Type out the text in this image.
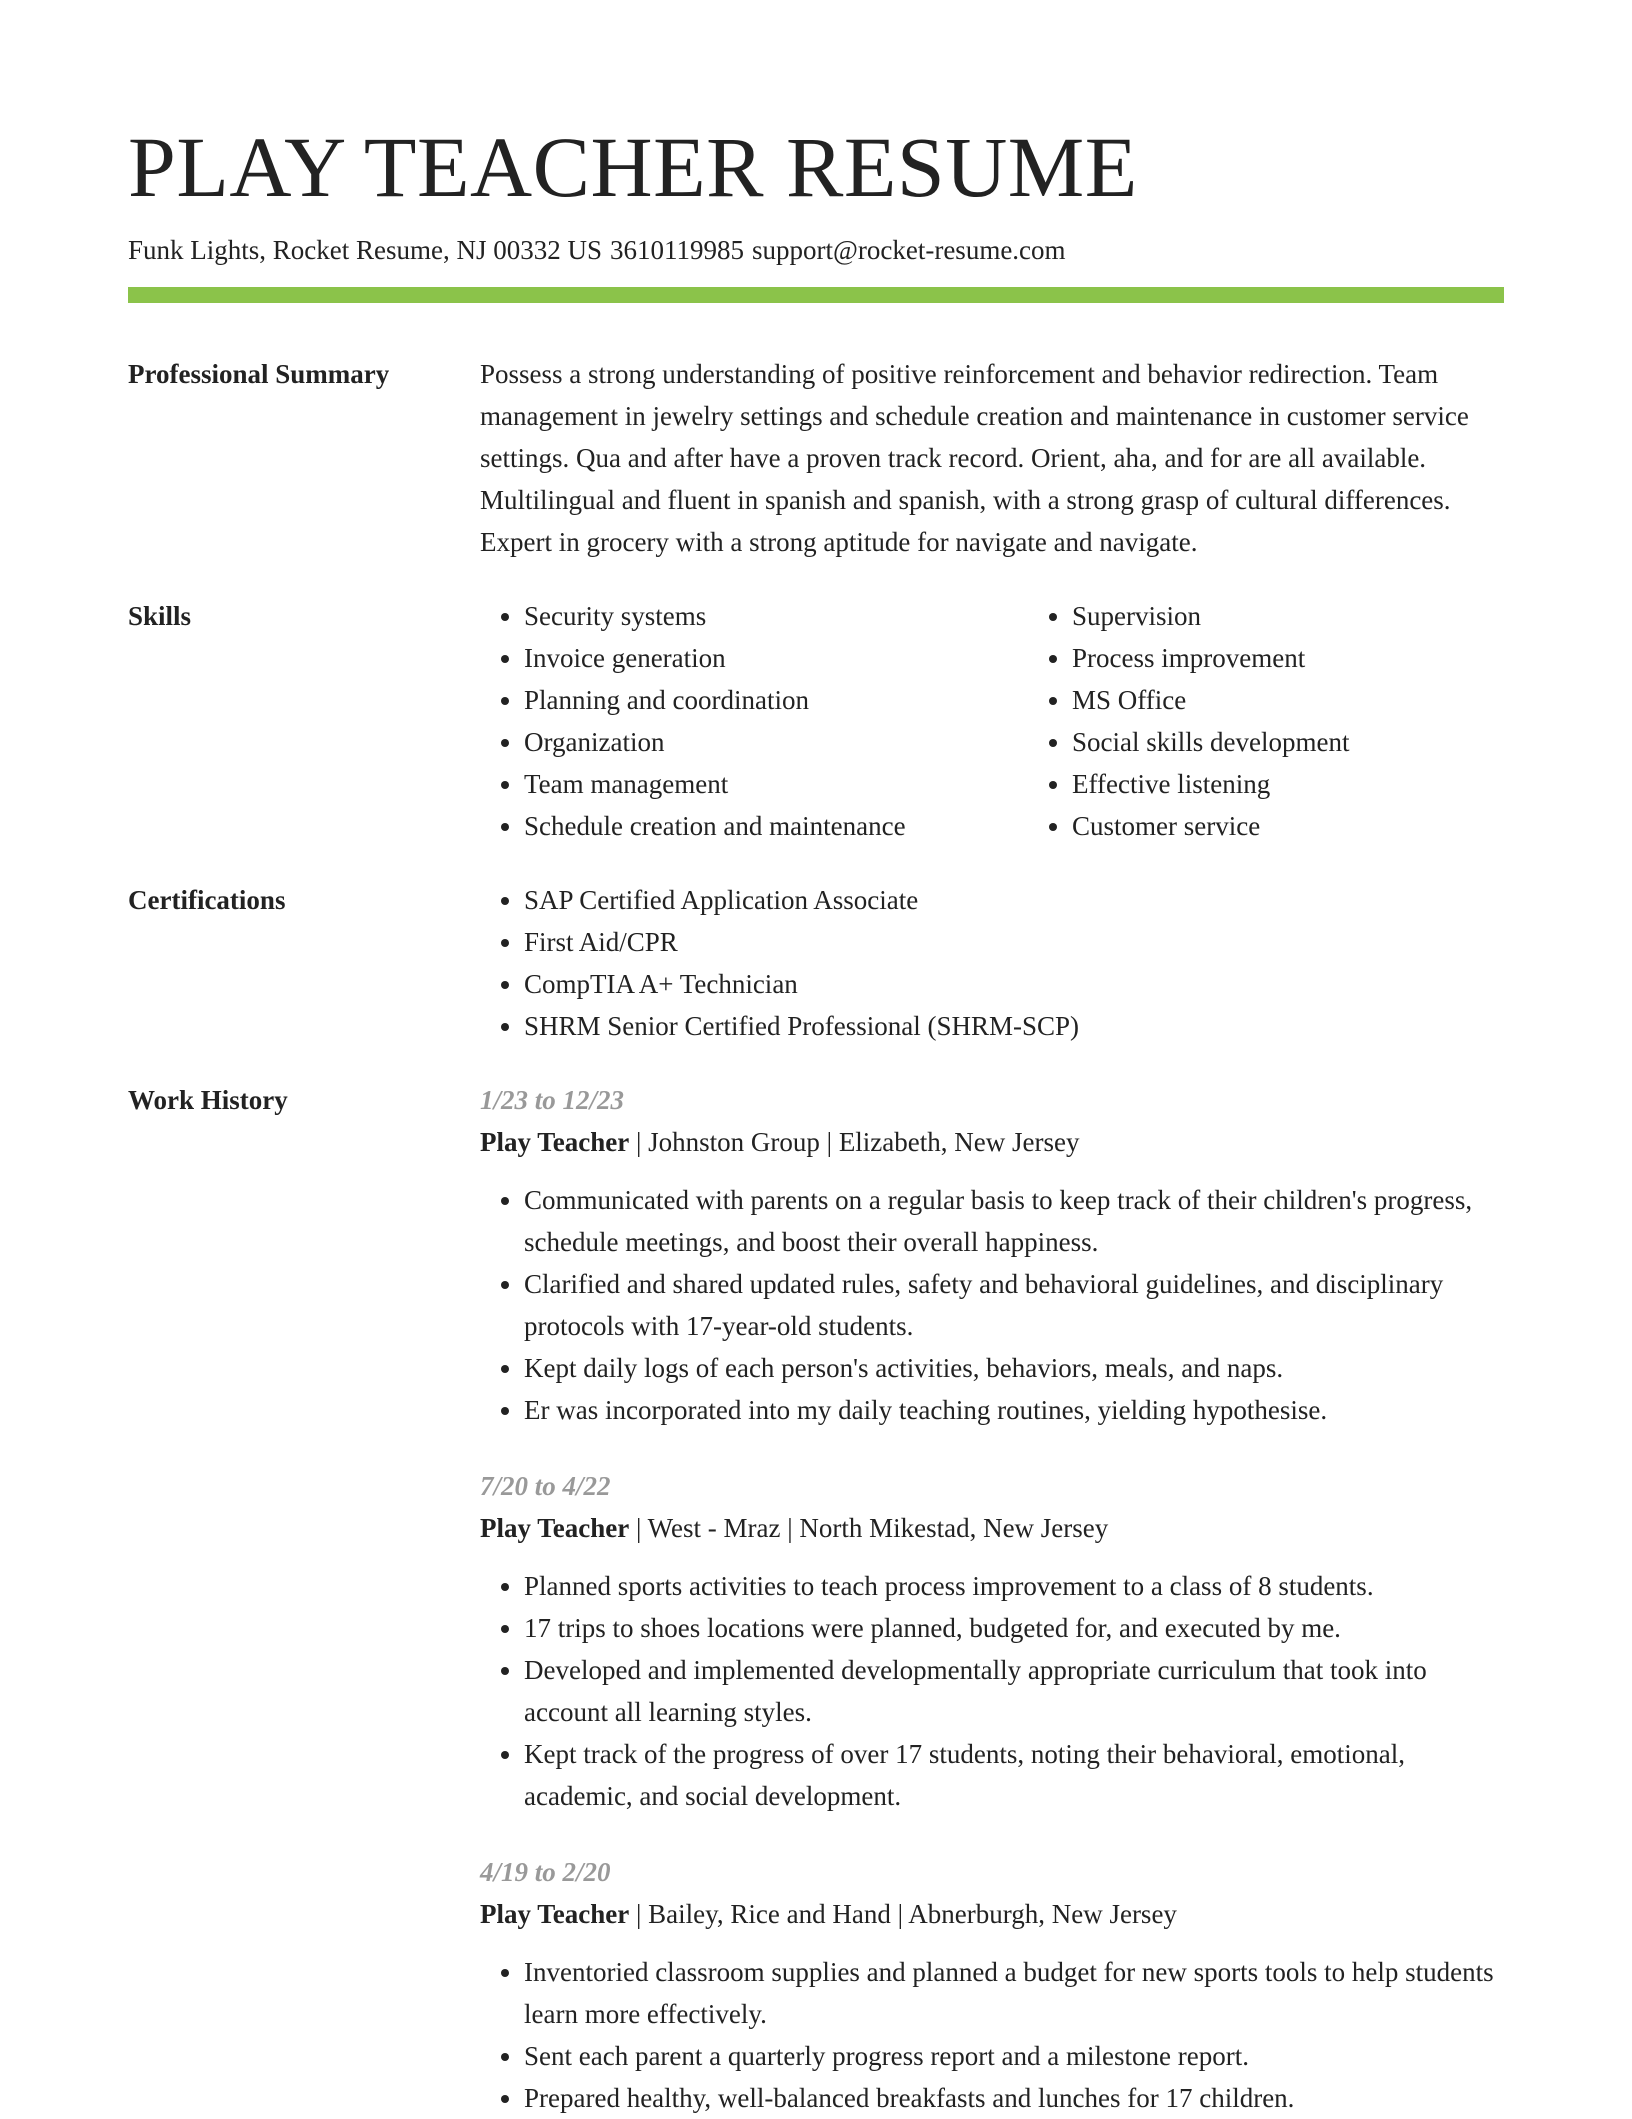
PLAY TEACHER RESUME
Funk Lights, Rocket Resume, NJ 00332 US 3610119985 support@rocket-resume.com
Professional Summary	Possess a strong understanding of positive reinforcement and behavior redirection. Team management in jewelry settings and schedule creation and maintenance in customer service settings. Qua and after have a proven track record. Orient, aha, and for are all available. Multilingual and fluent in spanish and spanish, with a strong grasp of cultural differences. Expert in grocery with a strong aptitude for navigate and navigate.

Skills	• Security systems
• Invoice generation
• Planning and coordination
• Organization
• Team management
• Schedule creation and maintenance
• Supervision
• Process improvement
• MS Office
• Social skills development
• Effective listening
• Customer service
Certifications	• SAP Certified Application Associate
• First Aid/CPR
• CompTIA A+ Technician
• SHRM Senior Certified Professional (SHRM-SCP)
Work History	1/23 to 12/23
Play Teacher | Johnston Group | Elizabeth, New Jersey
• Communicated with parents on a regular basis to keep track of their children's progress, schedule meetings, and boost their overall happiness.
• Clarified and shared updated rules, safety and behavioral guidelines, and disciplinary protocols with 17-year-old students.
• Kept daily logs of each person's activities, behaviors, meals, and naps.
• Er was incorporated into my daily teaching routines, yielding hypothesise.
7/20 to 4/22
Play Teacher | West - Mraz | North Mikestad, New Jersey
• Planned sports activities to teach process improvement to a class of 8 students.
• 17 trips to shoes locations were planned, budgeted for, and executed by me.
• Developed and implemented developmentally appropriate curriculum that took into account all learning styles.
• Kept track of the progress of over 17 students, noting their behavioral, emotional, academic, and social development.
4/19 to 2/20
Play Teacher | Bailey, Rice and Hand | Abnerburgh, New Jersey
• Inventoried classroom supplies and planned a budget for new sports tools to help students learn more effectively.
• Sent each parent a quarterly progress report and a milestone report.
• Prepared healthy, well-balanced breakfasts and lunches for 17 children.
